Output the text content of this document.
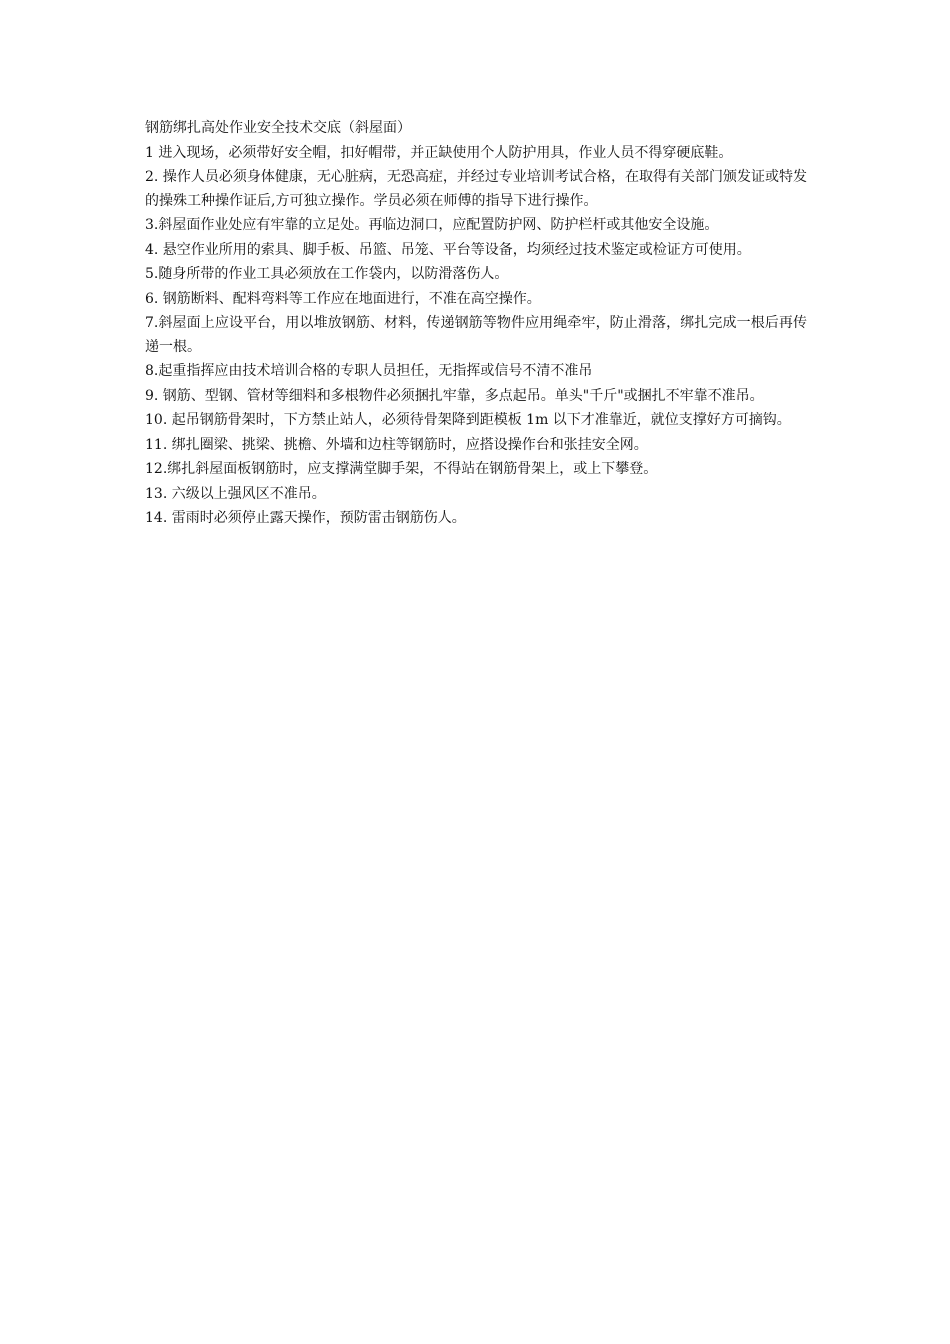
钢筋绑扎高处作业安全技术交底（斜屋面）
1 进入现场，必须带好安全帽，扣好帽带，并正缺使用个人防护用具，作业人员不得穿硬底鞋。
2. 操作人员必须身体健康，无心脏病，无恐高症，并经过专业培训考试合格，在取得有关部门颁发证或特发的操殊工种操作证后,方可独立操作。学员必须在师傅的指导下进行操作。
3.斜屋面作业处应有牢靠的立足处。再临边洞口，应配置防护网、防护栏杆或其他安全设施。
4. 悬空作业所用的索具、脚手板、吊篮、吊笼、平台等设备，均须经过技术鉴定或检证方可使用。
5.随身所带的作业工具必须放在工作袋内，以防滑落伤人。
6. 钢筋断料、配料弯料等工作应在地面进行，不准在高空操作。
7.斜屋面上应设平台，用以堆放钢筋、材料，传递钢筋等物件应用绳牵牢，防止滑落，绑扎完成一根后再传递一根。
8.起重指挥应由技术培训合格的专职人员担任，无指挥或信号不清不准吊
9. 钢筋、型钢、管材等细料和多根物件必须捆扎牢靠，多点起吊。单头"千斤"或捆扎不牢靠不准吊。
10. 起吊钢筋骨架时，下方禁止站人，必须待骨架降到距模板 1m 以下才准靠近，就位支撑好方可摘钩。
11. 绑扎圈梁、挑梁、挑檐、外墙和边柱等钢筋时，应搭设操作台和张挂安全网。
12.绑扎斜屋面板钢筋时，应支撑满堂脚手架，不得站在钢筋骨架上，或上下攀登。
13. 六级以上强风区不准吊。
14. 雷雨时必须停止露天操作，预防雷击钢筋伤人。
